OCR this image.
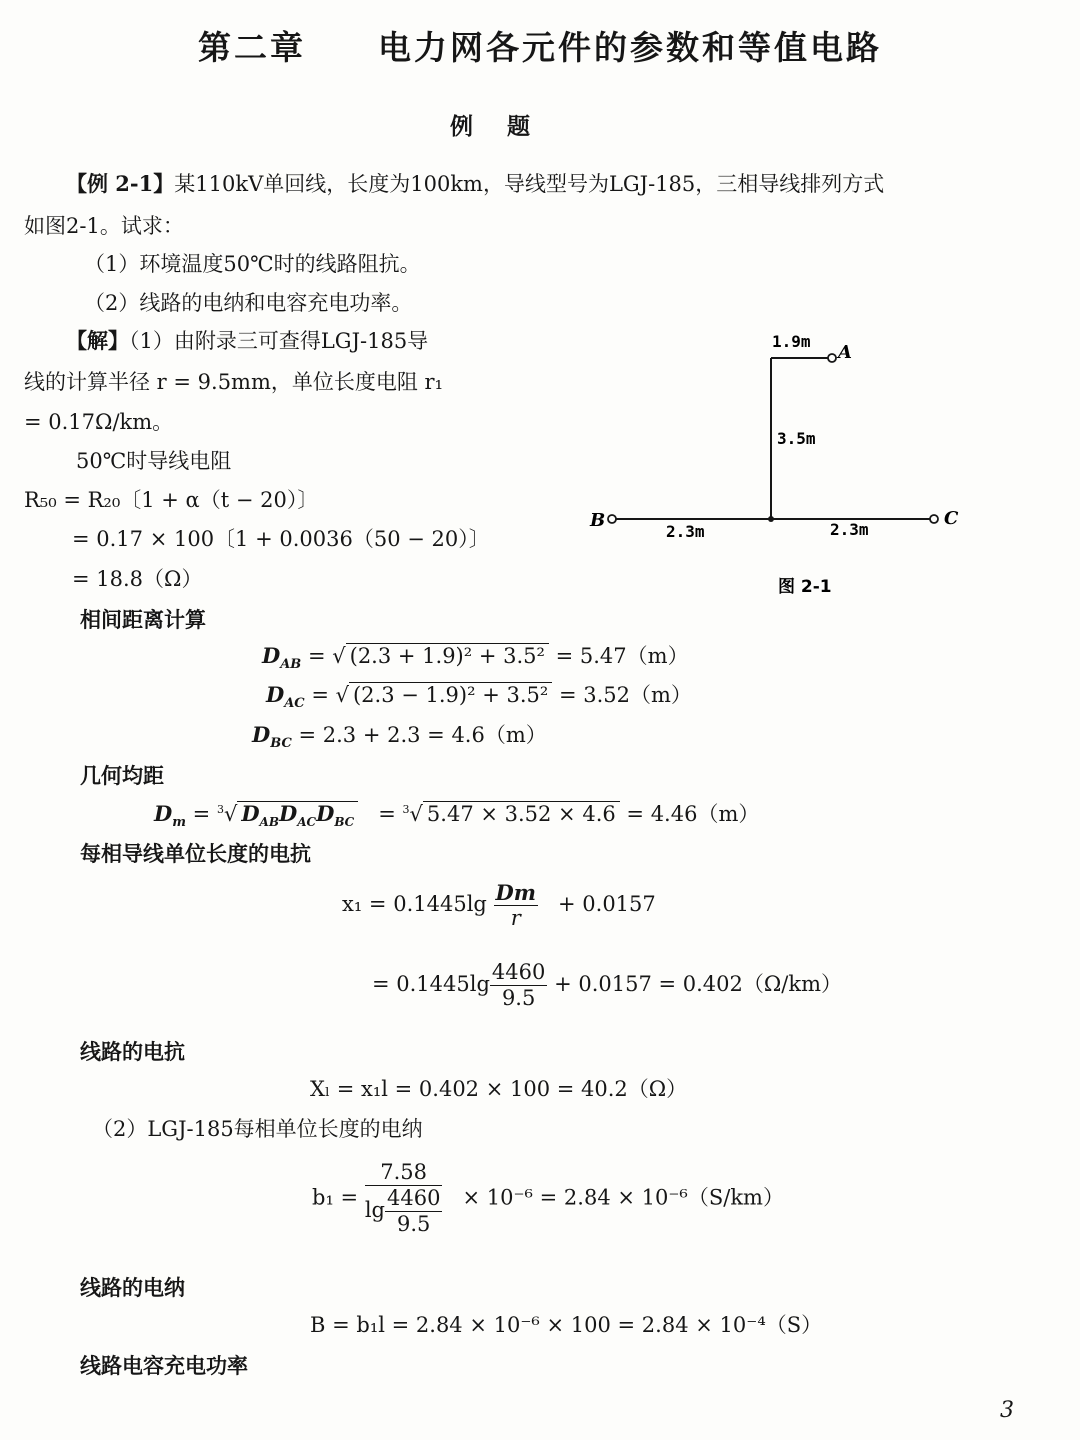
第二章　　电力网各元件的参数和等值电路
例题
【例 2-1】某110kV单回线，长度为100km，导线型号为LGJ-185，三相导线排列方式
如图2-1。试求：
（1）环境温度50℃时的线路阻抗。
（2）线路的电纳和电容充电功率。
【解】（1）由附录三可查得LGJ-185导
线的计算半径 r = 9.5mm，单位长度电阻 r₁
= 0.17Ω/km。
50℃时导线电阻
R₅₀ = R₂₀〔1 + α（t − 20）〕
= 0.17 × 100〔1 + 0.0036（50 − 20）〕
= 18.8（Ω）
A
B	C
1.9m
3.5m
2.3m	2.3m
图 2-1
相间距离计算
$D_{AB}$ = √ (2.3 + 1.9)² + 3.5² = 5.47（m）
$D_{AC}$ = √ (2.3 − 1.9)² + 3.5² = 3.52（m）
$D_{BC} = 2.3 + 2.3 = 4.6(m)$
几何均距
$D_m = ^3√$ $D_{AB}D_{AC}D_{BC} = ^3√$ 5.47 × 3.52 × 4.6 = 4.46（m）
每相导线单位长度的电抗
$x_1 = 0.1445\lg \frac{Dm}{r} + 0.0157$
= $0.1445\lg \frac{4460}{9.5} + 0.0157 = 0.402(\Omega/km)$
线路的电抗
Xₗ = x₁l = 0.402 × 100 = 40.2（Ω）
（2）LGJ-185每相单位长度的电纳
$b_1 = \frac{7.58}{\lg \frac{4460}{9.5}} \times 10^{-6} = 2.84 \times 10^{-6}(S/km)$
线路的电纳
B = b₁l = 2.84 × 10⁻⁶ × 100 = 2.84 × 10⁻⁴（S）
线路电容充电功率
3
